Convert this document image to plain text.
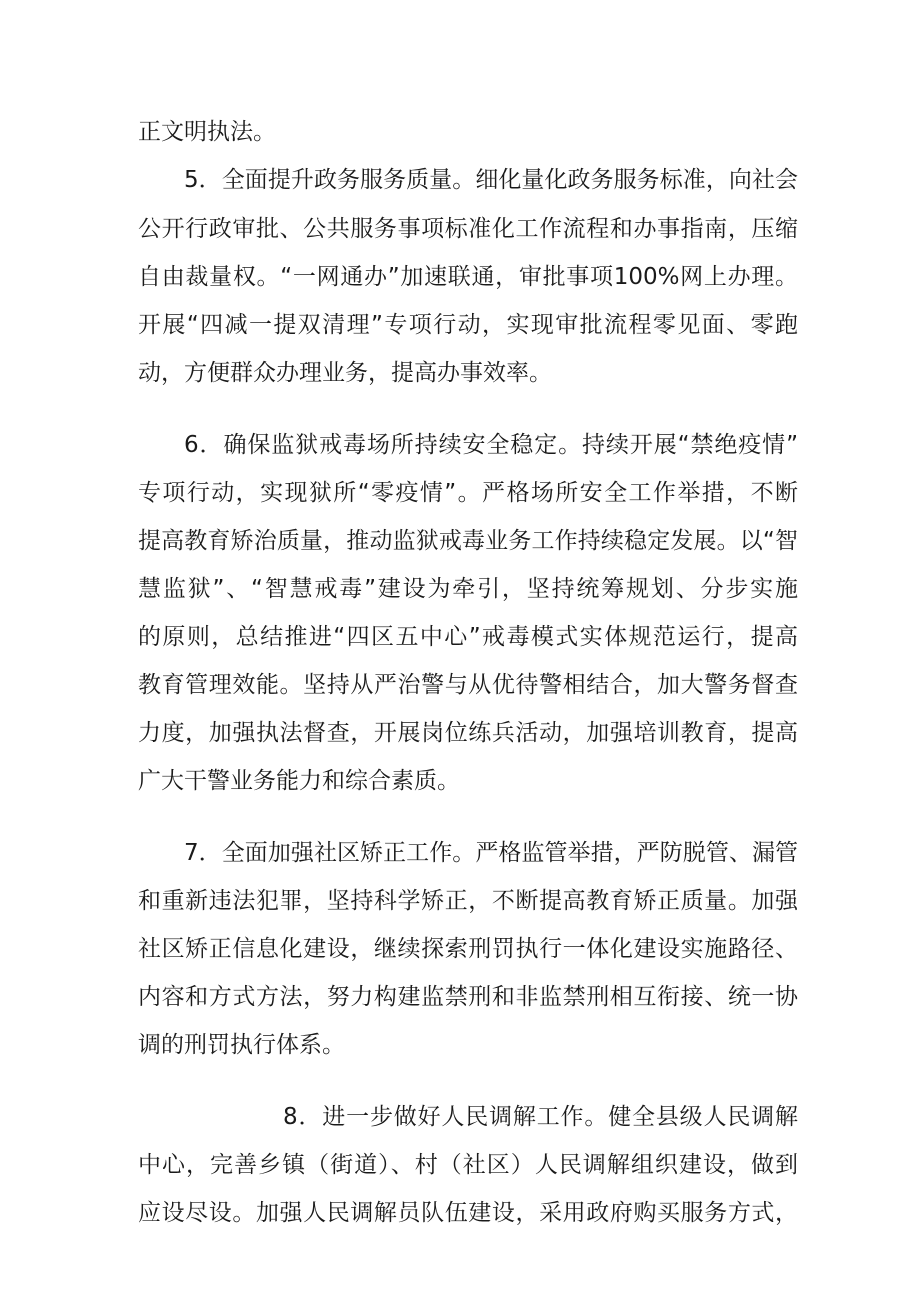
正文明执法。
5．全面提升政务服务质量。细化量化政务服务标准，向社会
公开行政审批、公共服务事项标准化工作流程和办事指南，压缩
自由裁量权。“一网通办”加速联通，审批事项100%网上办理。
开展“四减一提双清理”专项行动，实现审批流程零见面、零跑
动，方便群众办理业务，提高办事效率。
6．确保监狱戒毒场所持续安全稳定。持续开展“禁绝疫情”
专项行动，实现狱所“零疫情”。严格场所安全工作举措，不断
提高教育矫治质量，推动监狱戒毒业务工作持续稳定发展。以“智
慧监狱”、“智慧戒毒”建设为牵引，坚持统筹规划、分步实施
的原则，总结推进“四区五中心”戒毒模式实体规范运行，提高
教育管理效能。坚持从严治警与从优待警相结合，加大警务督查
力度，加强执法督查，开展岗位练兵活动，加强培训教育，提高
广大干警业务能力和综合素质。
7．全面加强社区矫正工作。严格监管举措，严防脱管、漏管
和重新违法犯罪，坚持科学矫正，不断提高教育矫正质量。加强
社区矫正信息化建设，继续探索刑罚执行一体化建设实施路径、
内容和方式方法，努力构建监禁刑和非监禁刑相互衔接、统一协
调的刑罚执行体系。
8．进一步做好人民调解工作。健全县级人民调解
中心，完善乡镇（街道）、村（社区）人民调解组织建设，做到
应设尽设。加强人民调解员队伍建设，采用政府购买服务方式，
